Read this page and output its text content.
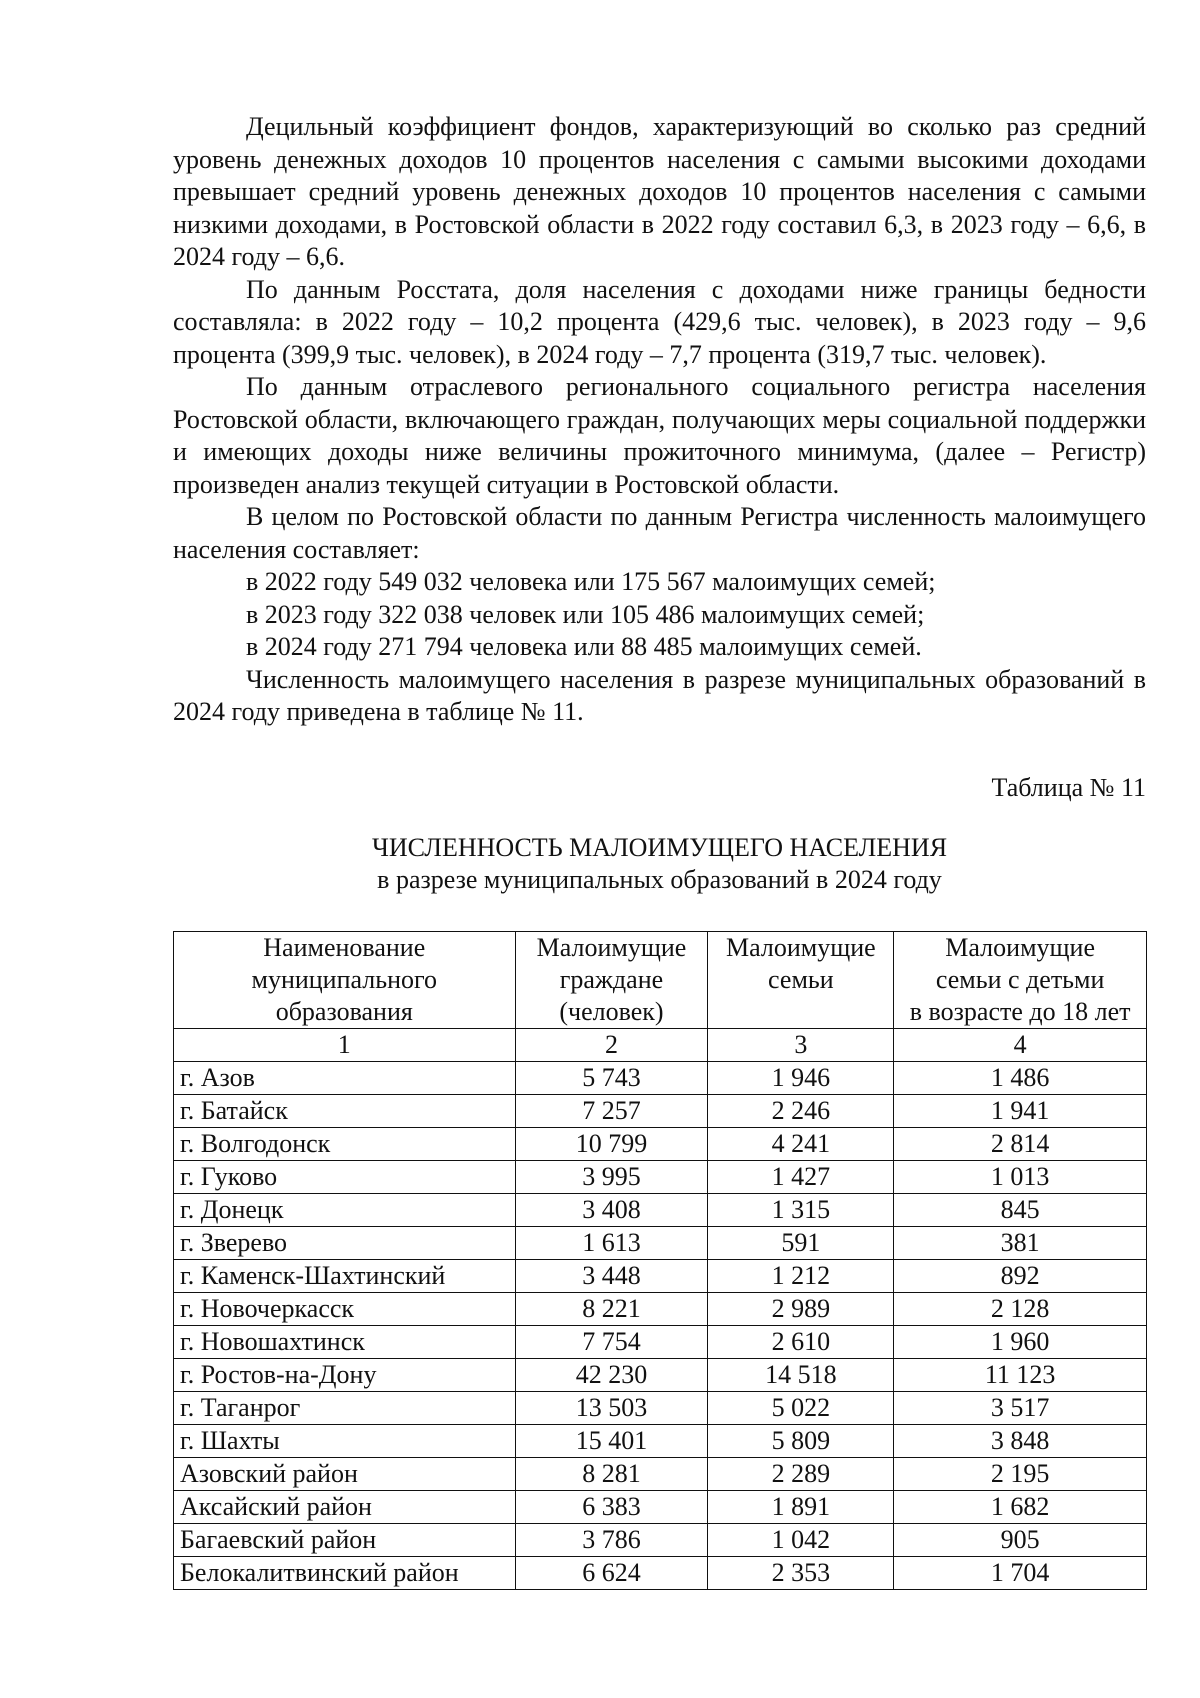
Децильный коэффициент фондов, характеризующий во сколько раз средний уровень денежных доходов 10 процентов населения с самыми высокими доходами превышает средний уровень денежных доходов 10 процентов населения с самыми низкими доходами, в Ростовской области в 2022 году составил 6,3, в 2023 году – 6,6, в 2024 году – 6,6.

По данным Росстата, доля населения с доходами ниже границы бедности составляла: в 2022 году – 10,2 процента (429,6 тыс. человек), в 2023 году – 9,6 процента (399,9 тыс. человек), в 2024 году – 7,7 процента (319,7 тыс. человек).

По данным отраслевого регионального социального регистра населения Ростовской области, включающего граждан, получающих меры социальной поддержки и имеющих доходы ниже величины прожиточного минимума, (далее – Регистр) произведен анализ текущей ситуации в Ростовской области.

В целом по Ростовской области по данным Регистра численность малоимущего населения составляет:

в 2022 году 549 032 человека или 175 567 малоимущих семей;
в 2023 году 322 038 человек или 105 486 малоимущих семей;
в 2024 году 271 794 человека или 88 485 малоимущих семей.

Численность малоимущего населения в разрезе муниципальных образований в 2024 году приведена в таблице № 11.

Таблица № 11
ЧИСЛЕННОСТЬ МАЛОИМУЩЕГО НАСЕЛЕНИЯ
в разрезе муниципальных образований в 2024 году
Наименование
муниципального
образования	Малоимущие
граждане
(человек)	Малоимущие
семьи	Малоимущие
семьи с детьми
в возрасте до 18 лет
1	2	3	4
г. Азов	5 743	1 946	1 486
г. Батайск	7 257	2 246	1 941
г. Волгодонск	10 799	4 241	2 814
г. Гуково	3 995	1 427	1 013
г. Донецк	3 408	1 315	845
г. Зверево	1 613	591	381
г. Каменск-Шахтинский	3 448	1 212	892
г. Новочеркасск	8 221	2 989	2 128
г. Новошахтинск	7 754	2 610	1 960
г. Ростов-на-Дону	42 230	14 518	11 123
г. Таганрог	13 503	5 022	3 517
г. Шахты	15 401	5 809	3 848
Азовский район	8 281	2 289	2 195
Аксайский район	6 383	1 891	1 682
Багаевский район	3 786	1 042	905
Белокалитвинский район	6 624	2 353	1 704
